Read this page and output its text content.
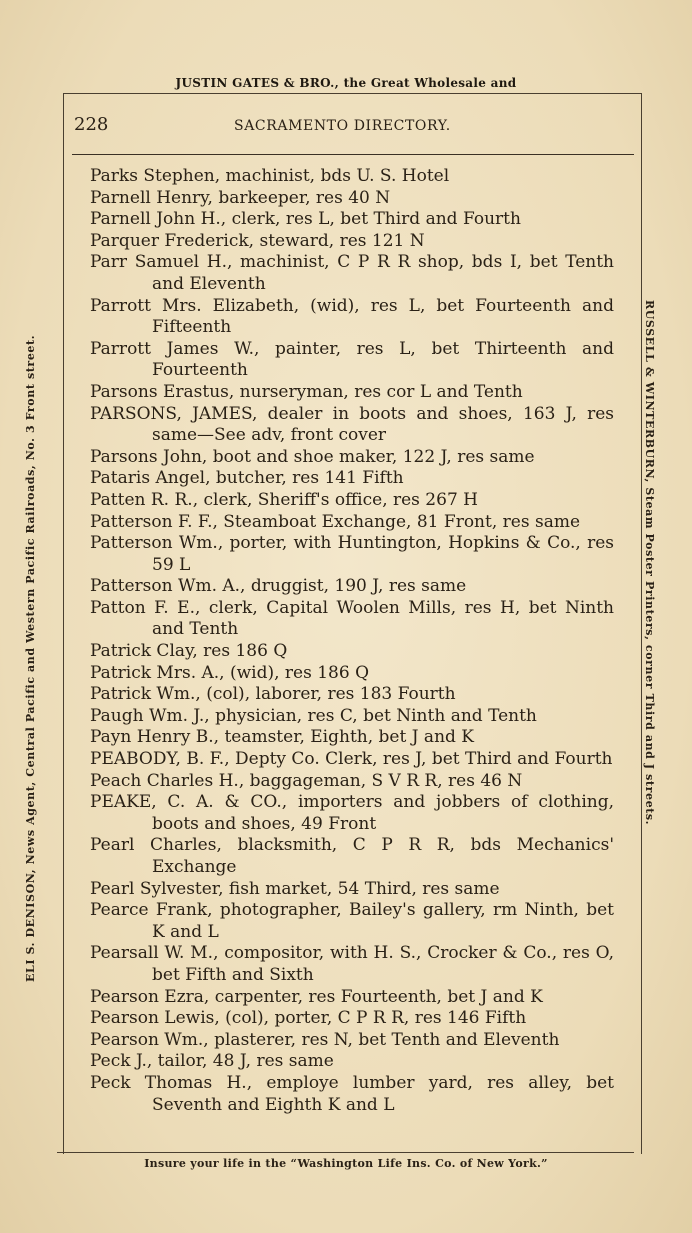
JUSTIN GATES & BRO., the Great Wholesale and
228	SACRAMENTO DIRECTORY.
Parks Stephen, machinist, bds U. S. Hotel
Parnell Henry, barkeeper, res 40 N
Parnell John H., clerk, res L, bet Third and Fourth
Parquer Frederick, steward, res 121 N
Parr Samuel H., machinist, C P R R shop, bds I, bet Tenth and Eleventh
Parrott Mrs. Elizabeth, (wid), res L, bet Fourteenth and Fifteenth
Parrott James W., painter, res L, bet Thirteenth and Fourteenth
Parsons Erastus, nurseryman, res cor L and Tenth
PARSONS, JAMES, dealer in boots and shoes, 163 J, res same—See adv, front cover
Parsons John, boot and shoe maker, 122 J, res same
Pataris Angel, butcher, res 141 Fifth
Patten R. R., clerk, Sheriff's office, res 267 H
Patterson F. F., Steamboat Exchange, 81 Front, res same
Patterson Wm., porter, with Huntington, Hopkins & Co., res 59 L
Patterson Wm. A., druggist, 190 J, res same
Patton F. E., clerk, Capital Woolen Mills, res H, bet Ninth and Tenth
Patrick Clay, res 186 Q
Patrick Mrs. A., (wid), res 186 Q
Patrick Wm., (col), laborer, res 183 Fourth
Paugh Wm. J., physician, res C, bet Ninth and Tenth
Payn Henry B., teamster, Eighth, bet J and K
PEABODY, B. F., Depty Co. Clerk, res J, bet Third and Fourth
Peach Charles H., baggageman, S V R R, res 46 N
PEAKE, C. A. & CO., importers and jobbers of clothing, boots and shoes, 49 Front
Pearl Charles, blacksmith, C P R R, bds Mechanics' Exchange
Pearl Sylvester, fish market, 54 Third, res same
Pearce Frank, photographer, Bailey's gallery, rm Ninth, bet K and L
Pearsall W. M., compositor, with H. S., Crocker & Co., res O, bet Fifth and Sixth
Pearson Ezra, carpenter, res Fourteenth, bet J and K
Pearson Lewis, (col), porter, C P R R, res 146 Fifth
Pearson Wm., plasterer, res N, bet Tenth and Eleventh
Peck J., tailor, 48 J, res same
Peck Thomas H., employe lumber yard, res alley, bet Seventh and Eighth K and L
ELI S. DENISON, News Agent, Central Pacific and Western Pacific Railroads, No. 3 Front street.	RUSSELL & WINTERBURN, Steam Poster Printers, corner Third and J streets.
Insure your life in the “Washington Life Ins. Co. of New York.”
